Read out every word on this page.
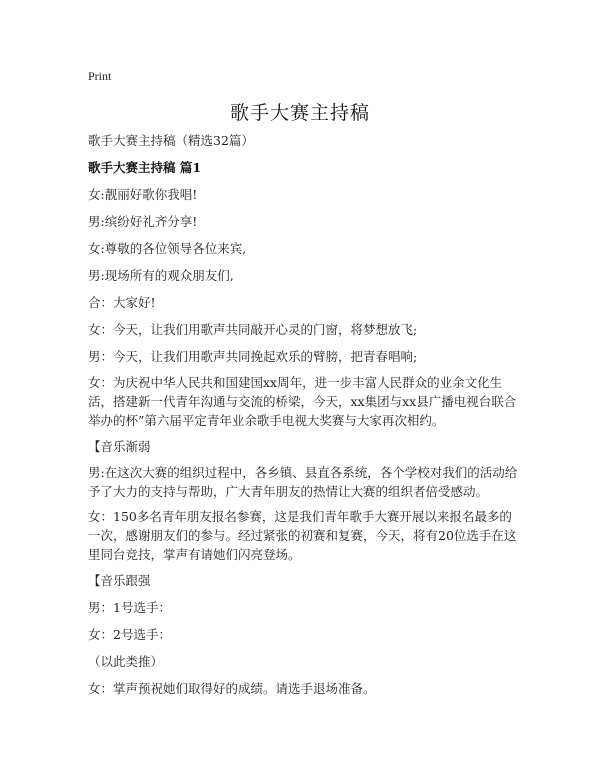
Print
歌手大赛主持稿
歌手大赛主持稿（精选32篇）
歌手大赛主持稿 篇1
女:靓丽好歌你我唱!
男:缤纷好礼齐分享!
女:尊敬的各位领导各位来宾,
男:现场所有的观众朋友们,
合：大家好!
女：今天，让我们用歌声共同敲开心灵的门窗，将梦想放飞;
男：今天，让我们用歌声共同挽起欢乐的臂膀，把青春唱响;
女：为庆祝中华人民共和国建国xx周年，进一步丰富人民群众的业余文化生活，搭建新一代青年沟通与交流的桥梁，今天，xx集团与xx县广播电视台联合举办的杯”第六届平定青年业余歌手电视大奖赛与大家再次相约。
【音乐渐弱
男:在这次大赛的组织过程中，各乡镇、县直各系统，各个学校对我们的活动给予了大力的支持与帮助，广大青年朋友的热情让大赛的组织者倍受感动。
女：150多名青年朋友报名参赛，这是我们青年歌手大赛开展以来报名最多的一次，感谢朋友们的参与。经过紧张的初赛和复赛，今天，将有20位选手在这里同台竞技，掌声有请她们闪亮登场。
【音乐跟强
男：1号选手：
女：2号选手：
（以此类推）
女：掌声预祝她们取得好的成绩。请选手退场准备。
